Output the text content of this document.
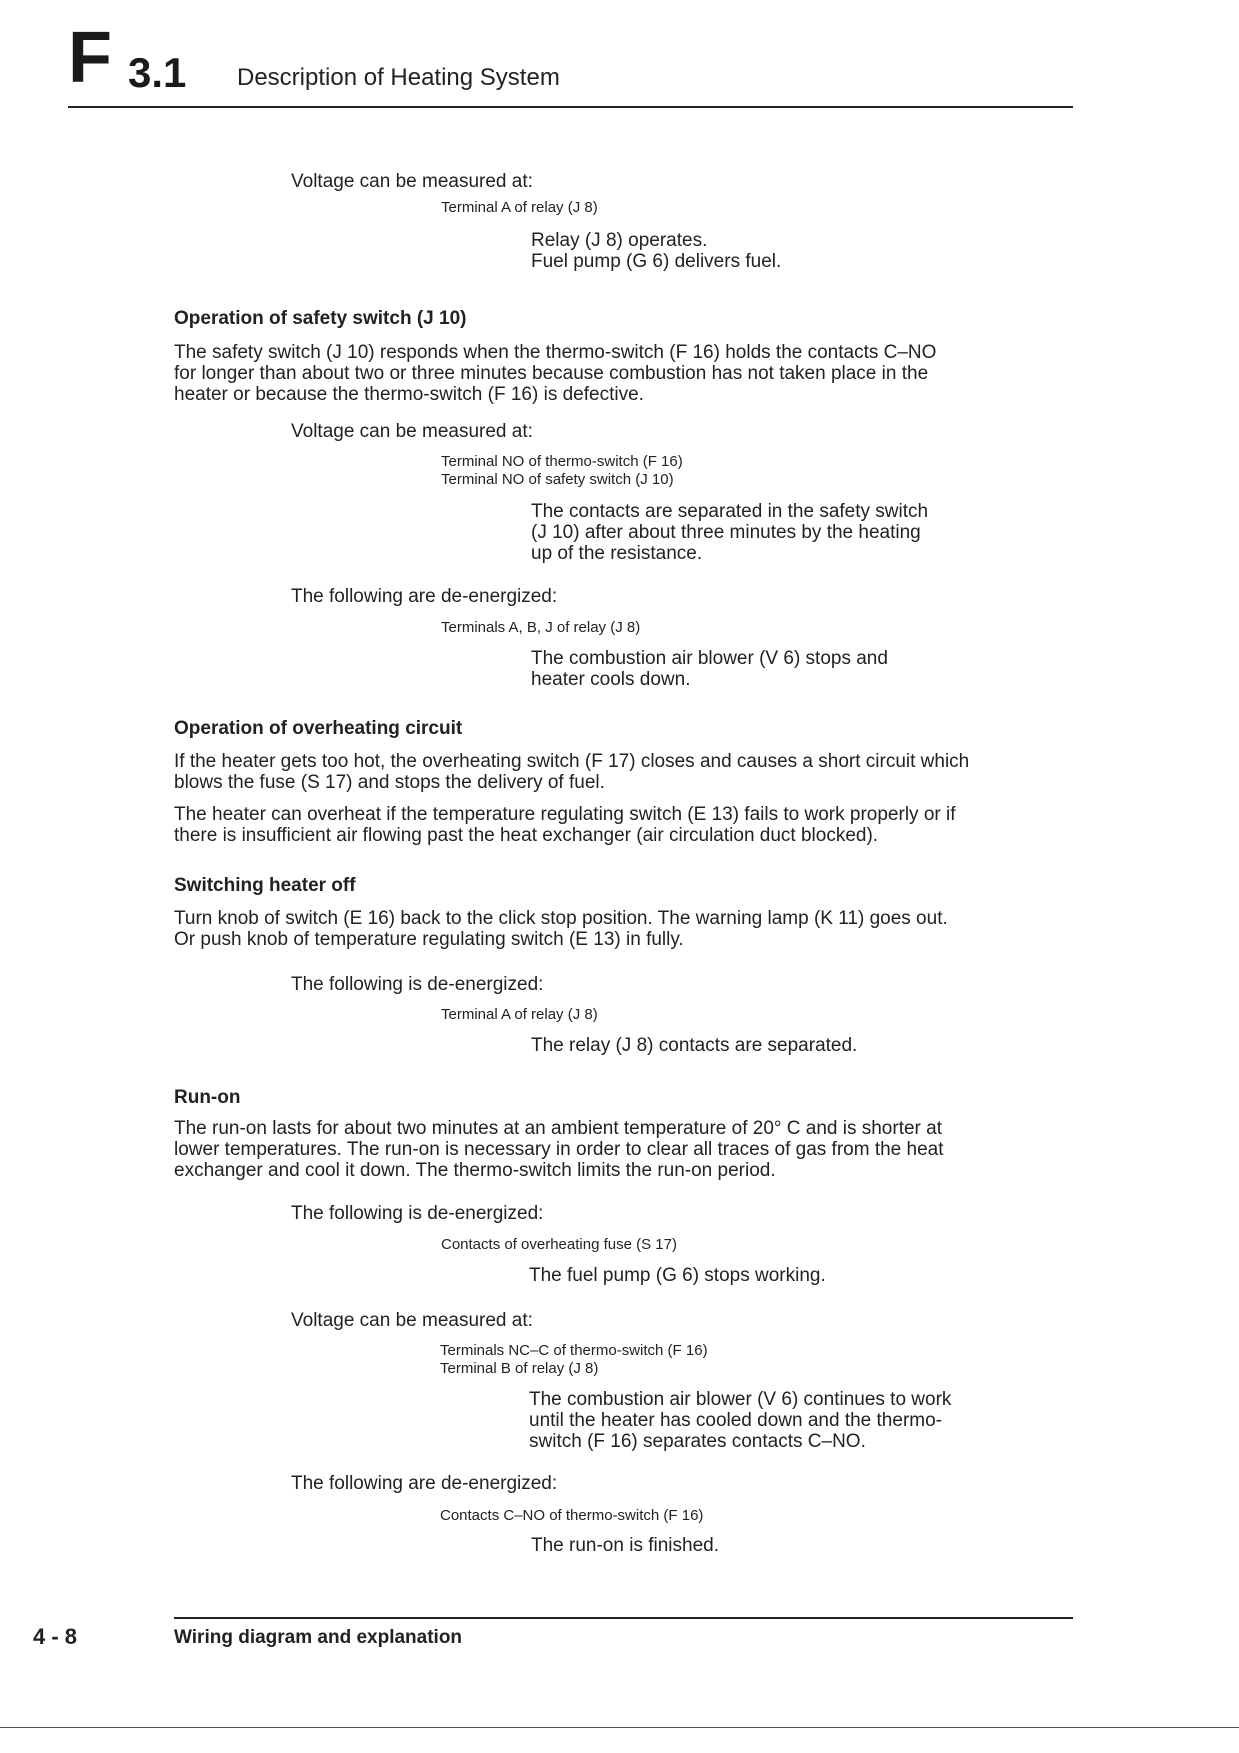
F 3.1 Description of Heating System
Voltage can be measured at:
Terminal A of relay (J 8)
Relay (J 8) operates.
Fuel pump (G 6) delivers fuel.
Operation of safety switch (J 10)
The safety switch (J 10) responds when the thermo-switch (F 16) holds the contacts C–NO
for longer than about two or three minutes because combustion has not taken place in the
heater or because the thermo-switch (F 16) is defective.
Voltage can be measured at:
Terminal NO of thermo-switch (F 16)
Terminal NO of safety switch (J 10)
The contacts are separated in the safety switch
(J 10) after about three minutes by the heating
up of the resistance.
The following are de-energized:
Terminals A, B, J of relay (J 8)
The combustion air blower (V 6) stops and
heater cools down.
Operation of overheating circuit
If the heater gets too hot, the overheating switch (F 17) closes and causes a short circuit which
blows the fuse (S 17) and stops the delivery of fuel.
The heater can overheat if the temperature regulating switch (E 13) fails to work properly or if
there is insufficient air flowing past the heat exchanger (air circulation duct blocked).
Switching heater off
Turn knob of switch (E 16) back to the click stop position. The warning lamp (K 11) goes out.
Or push knob of temperature regulating switch (E 13) in fully.
The following is de-energized:
Terminal A of relay (J 8)
The relay (J 8) contacts are separated.
Run-on
The run-on lasts for about two minutes at an ambient temperature of 20° C and is shorter at
lower temperatures. The run-on is necessary in order to clear all traces of gas from the heat
exchanger and cool it down. The thermo-switch limits the run-on period.
The following is de-energized:
Contacts of overheating fuse (S 17)
The fuel pump (G 6) stops working.
Voltage can be measured at:
Terminals NC–C of thermo-switch (F 16)
Terminal B of relay (J 8)
The combustion air blower (V 6) continues to work
until the heater has cooled down and the thermo-
switch (F 16) separates contacts C–NO.
The following are de-energized:
Contacts C–NO of thermo-switch (F 16)
The run-on is finished.
4 - 8	Wiring diagram and explanation
